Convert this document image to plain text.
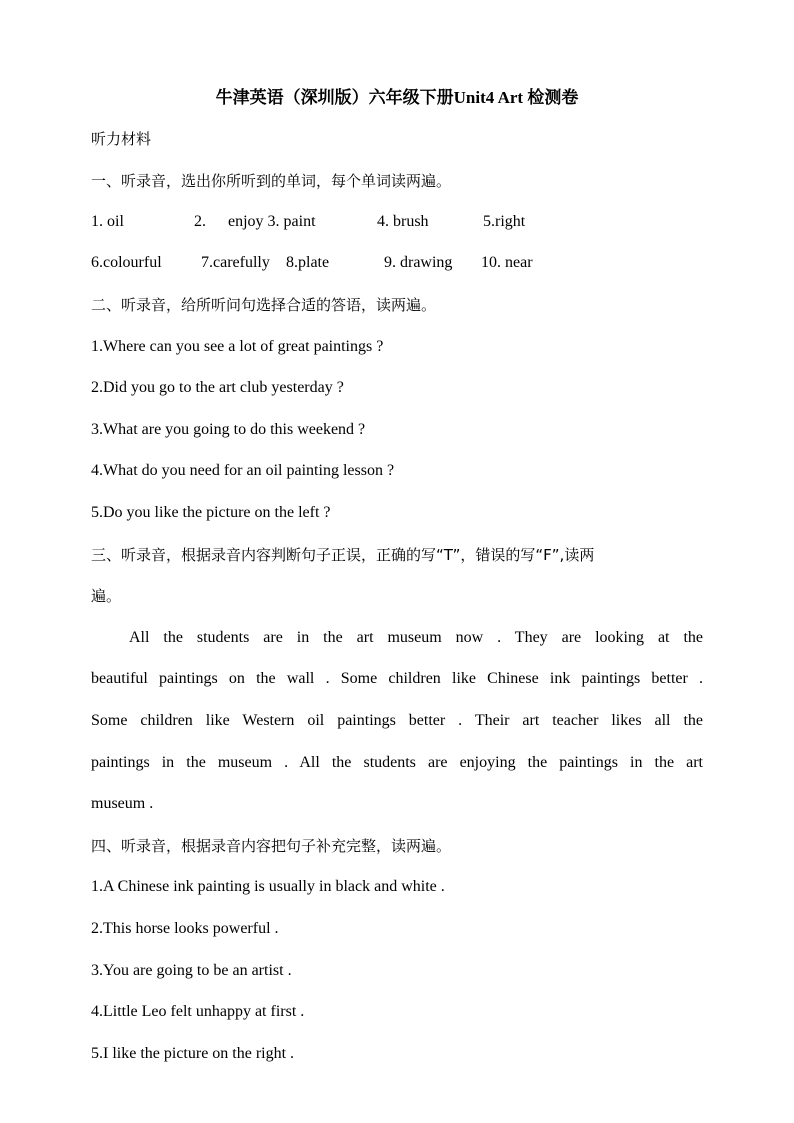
牛津英语（深圳版）六年级下册Unit4 Art 检测卷
听力材料
一、听录音，选出你所听到的单词，每个单词读两遍。
1. oil	2. enjoy 3. paint	4. brush	5.right
6.colourful 7.carefully 8.plate	9. drawing 10. near
二、听录音，给所听问句选择合适的答语，读两遍。
1.Where can you see a lot of great paintings ?
2.Did you go to the art club yesterday ?
3.What are you going to do this weekend ?
4.What do you need for an oil painting lesson ?
5.Do you like the picture on the left ?
三、听录音，根据录音内容判断句子正误，正确的写“T”，错误的写“F”,读两
遍。
All the students are in the art museum now . They are looking at the
beautiful paintings on the wall . Some children like Chinese ink paintings better .
Some children like Western oil paintings better . Their art teacher likes all the
paintings in the museum . All the students are enjoying the paintings in the art
museum .
四、听录音，根据录音内容把句子补充完整，读两遍。
1.A Chinese ink painting is usually in black and white .
2.This horse looks powerful .
3.You are going to be an artist .
4.Little Leo felt unhappy at first .
5.I like the picture on the right .
